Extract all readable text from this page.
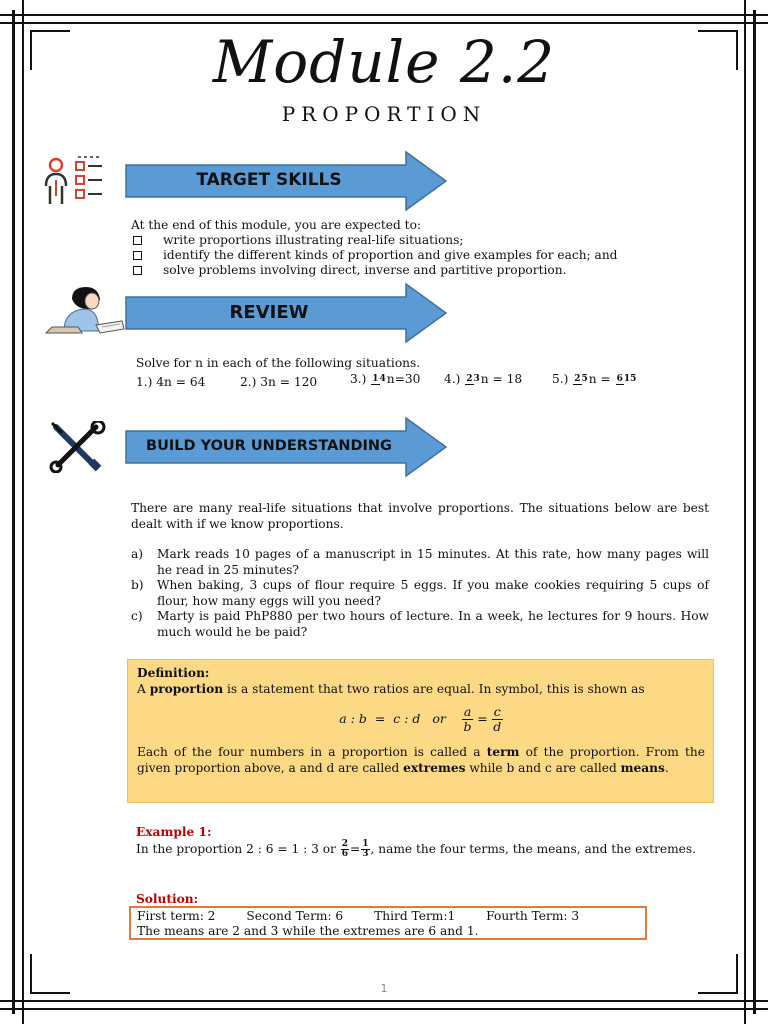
Module 2.2
PROPORTION
TARGET SKILLS
At the end of this module, you are expected to:
write proportions illustrating real-life situations;
identify the different kinds of proportion and give examples for each; and
solve problems involving direct, inverse and partitive proportion.
REVIEW
Solve for n in each of the following situations.
1.) 4n = 64	2.) 3n = 120	3.) 14n=30 4.) 23n = 18 5.) 25n = 615
BUILD YOUR UNDERSTANDING
There are many real-life situations that involve proportions. The situations below are best dealt with if we know proportions.
a) Mark reads 10 pages of a manuscript in 15 minutes. At this rate, how many pages will he read in 25 minutes?
b) When baking, 3 cups of flour require 5 eggs. If you make cookies requiring 5 cups of flour, how many eggs will you need?
c) Marty is paid PhP880 per two hours of lecture. In a week, he lectures for 9 hours. How much would he be paid?
Definition:
A proportion is a statement that two ratios are equal. In symbol, this is shown as
a : b  =  c : d   or $\frac{a}{b} = \frac{c}{d}$
Each of the four numbers in a proportion is called a term of the proportion. From the given proportion above, a and d are called extremes while b and c are called means.
Example 1:
In the proportion 2 : 6 = 1 : 3 or $\frac{2}{6} = \frac{1}{3}$ , name the four terms, the means, and the extremes.
Solution:
First term: 2        Second Term: 6        Third Term:1        Fourth Term: 3
The means are 2 and 3 while the extremes are 6 and 1.
1
